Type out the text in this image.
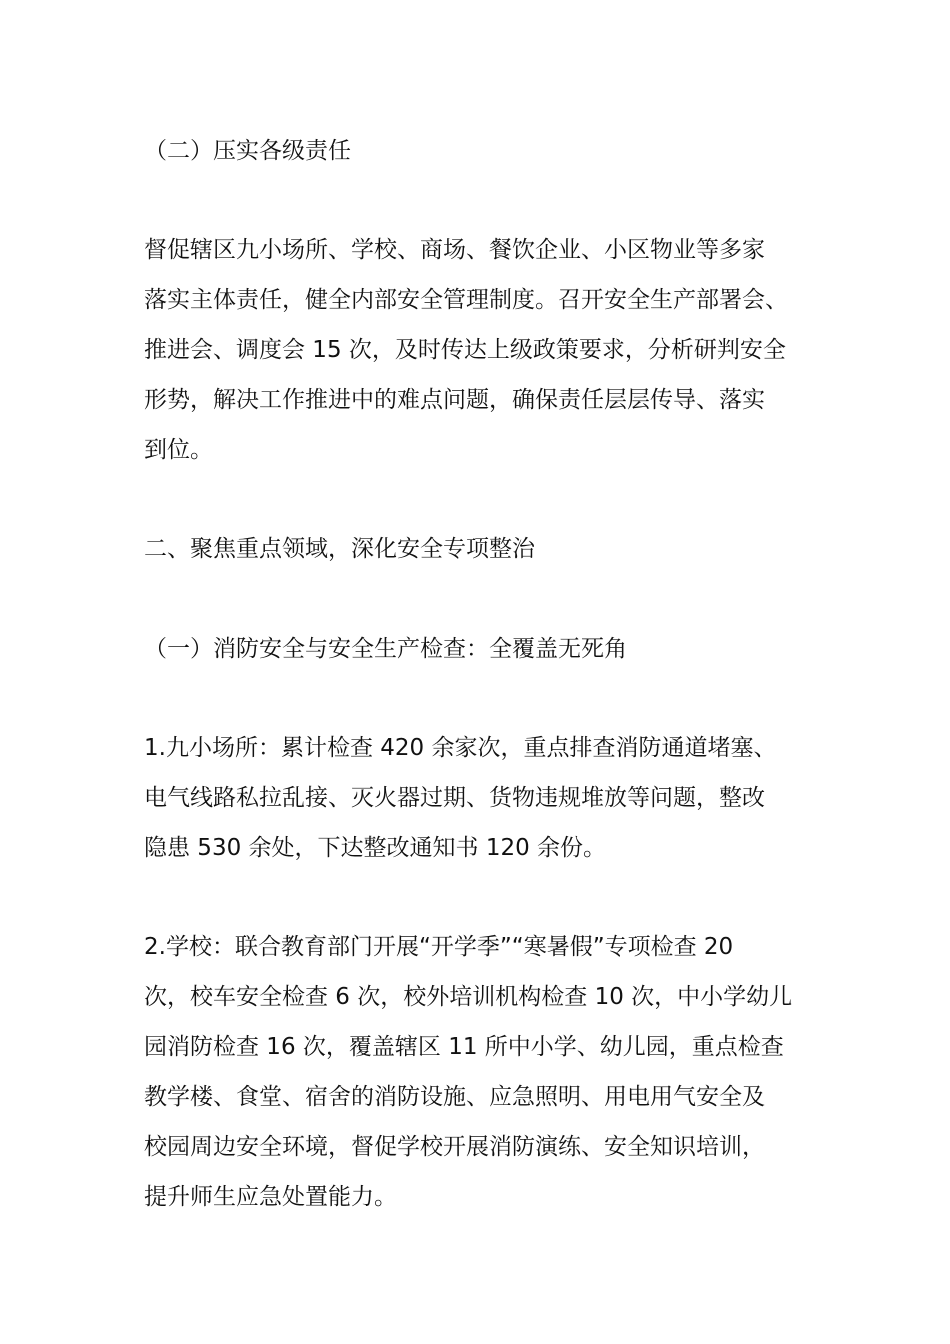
（二）压实各级责任

督促辖区九小场所、学校、商场、餐饮企业、小区物业等多家
落实主体责任，健全内部安全管理制度。召开安全生产部署会、
推进会、调度会 15 次，及时传达上级政策要求，分析研判安全
形势，解决工作推进中的难点问题，确保责任层层传导、落实
到位。

二、聚焦重点领域，深化安全专项整治

（一）消防安全与安全生产检查：全覆盖无死角

1.九小场所：累计检查 420 余家次，重点排查消防通道堵塞、
电气线路私拉乱接、灭火器过期、货物违规堆放等问题，整改
隐患 530 余处，下达整改通知书 120 余份。

2.学校：联合教育部门开展“开学季”“寒暑假”专项检查 20
次，校车安全检查 6 次，校外培训机构检查 10 次，中小学幼儿
园消防检查 16 次，覆盖辖区 11 所中小学、幼儿园，重点检查
教学楼、食堂、宿舍的消防设施、应急照明、用电用气安全及
校园周边安全环境，督促学校开展消防演练、安全知识培训，
提升师生应急处置能力。
